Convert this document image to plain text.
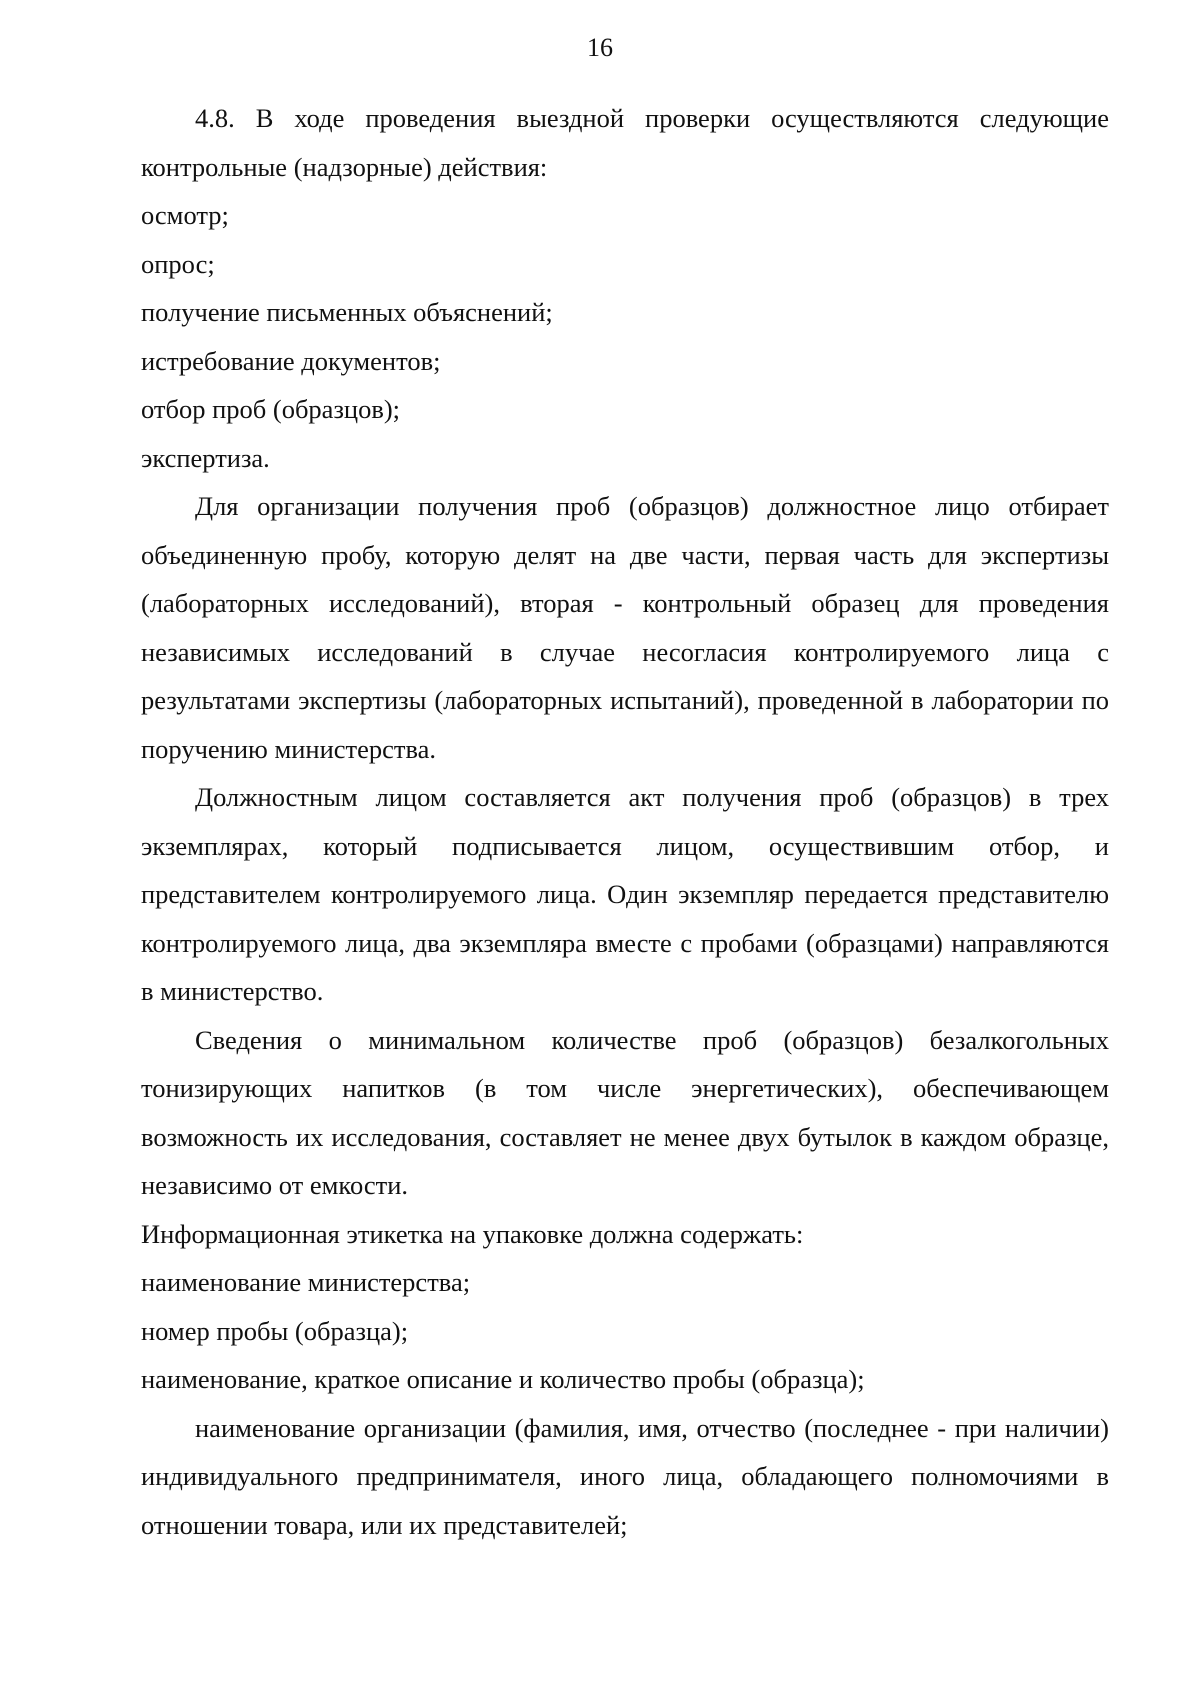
16

4.8. В ходе проведения выездной проверки осуществляются следующие контрольные (надзорные) действия:

осмотр;

опрос;

получение письменных объяснений;

истребование документов;

отбор проб (образцов);

экспертиза.

Для организации получения проб (образцов) должностное лицо отбирает объединенную пробу, которую делят на две части, первая часть для экспертизы (лабораторных исследований), вторая - контрольный образец для проведения независимых исследований в случае несогласия контролируемого лица с результатами экспертизы (лабораторных испытаний), проведенной в лаборатории по поручению министерства.

Должностным лицом составляется акт получения проб (образцов) в трех экземплярах, который подписывается лицом, осуществившим отбор, и представителем контролируемого лица. Один экземпляр передается представителю контролируемого лица, два экземпляра вместе с пробами (образцами) направляются в министерство.

Сведения о минимальном количестве проб (образцов) безалкогольных тонизирующих напитков (в том числе энергетических), обеспечивающем возможность их исследования, составляет не менее двух бутылок в каждом образце, независимо от емкости.

Информационная этикетка на упаковке должна содержать:

наименование министерства;

номер пробы (образца);

наименование, краткое описание и количество пробы (образца);

наименование организации (фамилия, имя, отчество (последнее - при наличии) индивидуального предпринимателя, иного лица, обладающего полномочиями в отношении товара, или их представителей;
